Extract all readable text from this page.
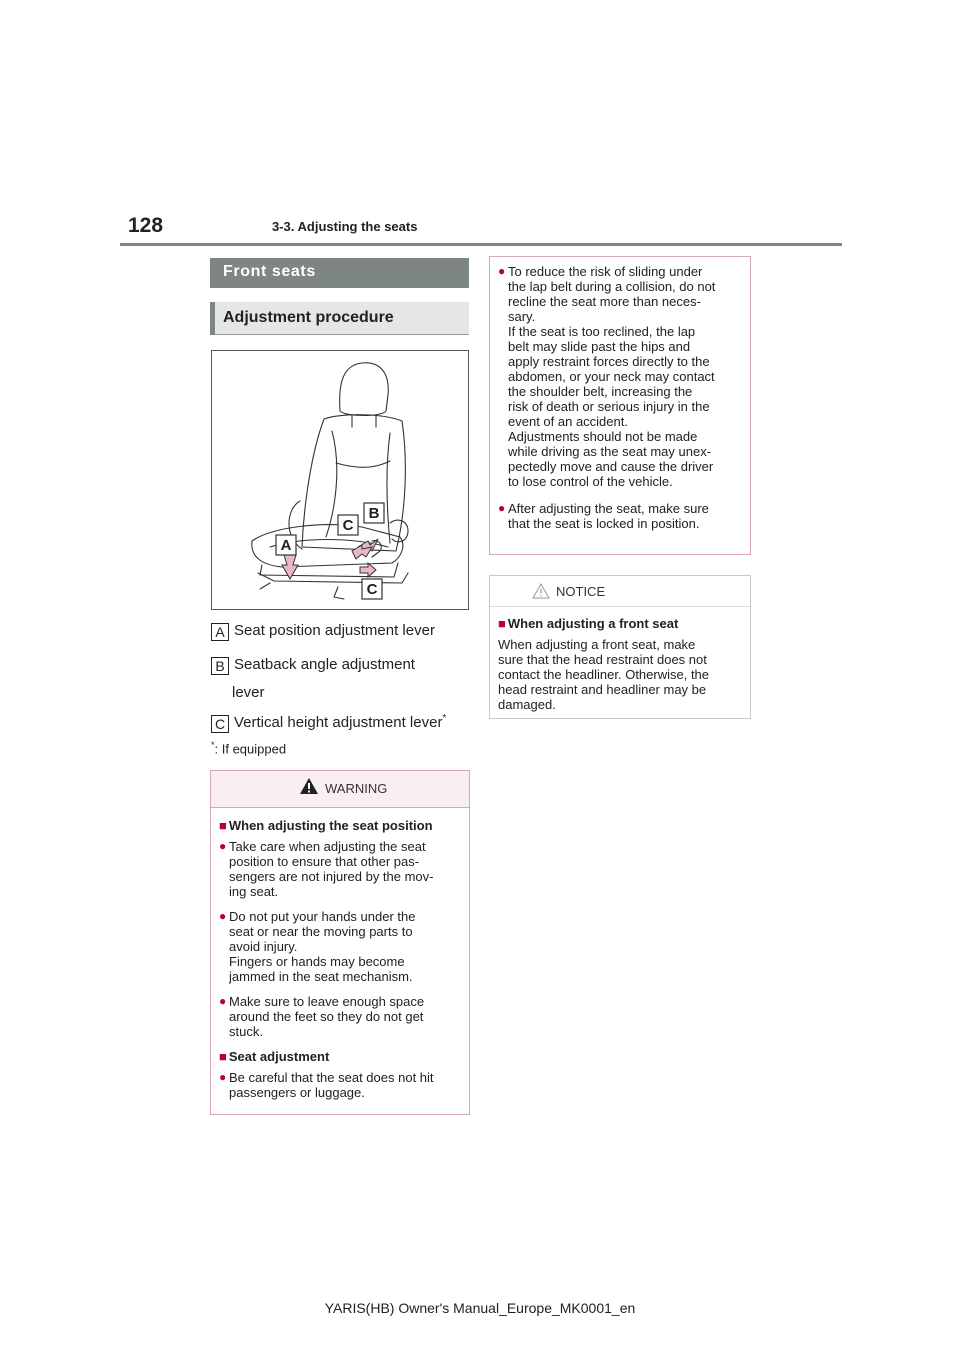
128	3-3. Adjusting the seats
Front seats
Adjustment procedure
B
C
A
C
A Seat position adjustment lever
B Seatback angle adjustment
lever
C Vertical height adjustment lever*
*: If equipped
WARNING
■ When adjusting the seat position
● Take care when adjusting the seat
position to ensure that other pas-
sengers are not injured by the mov-
ing seat.
● Do not put your hands under the
seat or near the moving parts to
avoid injury.
Fingers or hands may become
jammed in the seat mechanism.
● Make sure to leave enough space
around the feet so they do not get
stuck.
■ Seat adjustment
● Be careful that the seat does not hit
passengers or luggage.
● To reduce the risk of sliding under
the lap belt during a collision, do not
recline the seat more than neces-
sary.
If the seat is too reclined, the lap
belt may slide past the hips and
apply restraint forces directly to the
abdomen, or your neck may contact
the shoulder belt, increasing the
risk of death or serious injury in the
event of an accident.
Adjustments should not be made
while driving as the seat may unex-
pectedly move and cause the driver
to lose control of the vehicle.
● After adjusting the seat, make sure
that the seat is locked in position.
NOTICE
■ When adjusting a front seat
When adjusting a front seat, make
sure that the head restraint does not
contact the headliner. Otherwise, the
head restraint and headliner may be
damaged.
YARIS(HB) Owner's Manual_Europe_MK0001_en
